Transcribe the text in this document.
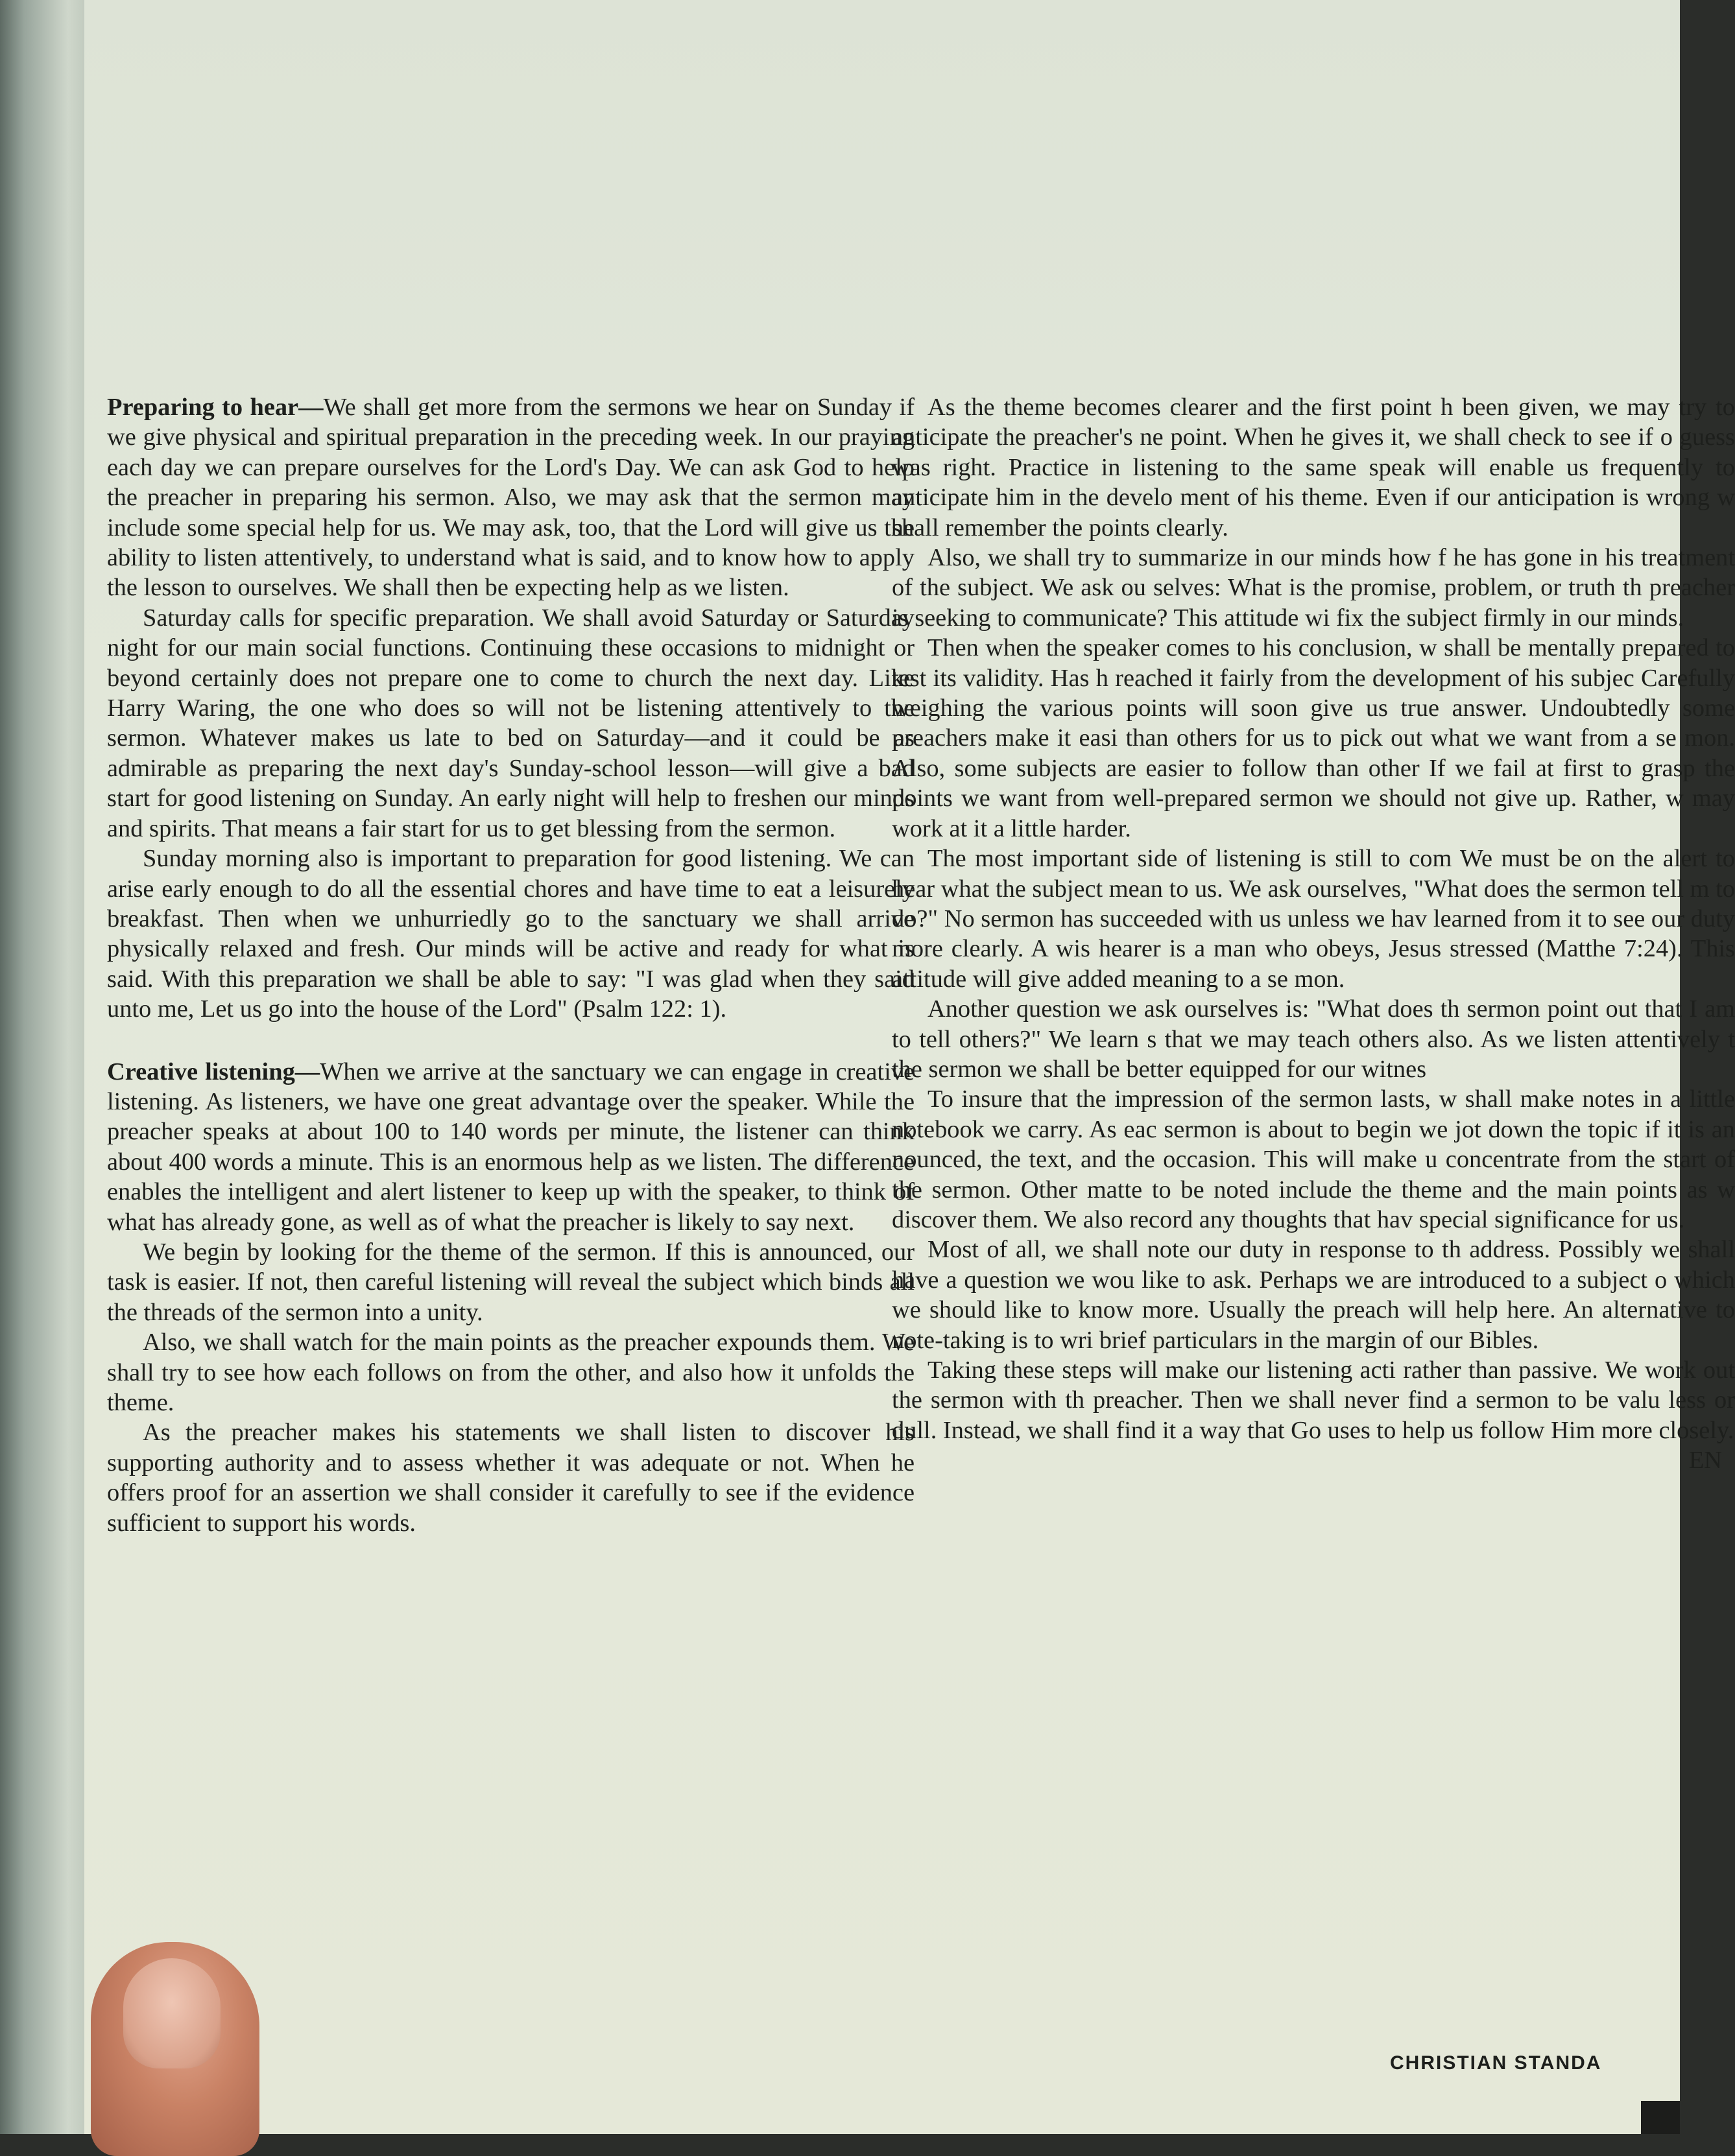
Preparing to hear—We shall get more from the sermons we hear on Sunday if we give physical and spiritual preparation in the preceding week. In our praying each day we can prepare ourselves for the Lord's Day. We can ask God to help the preacher in preparing his sermon. Also, we may ask that the sermon may include some special help for us. We may ask, too, that the Lord will give us the ability to listen attentively, to understand what is said, and to know how to apply the lesson to ourselves. We shall then be expecting help as we listen.

Saturday calls for specific preparation. We shall avoid Saturday or Saturday night for our main social functions. Continuing these occasions to midnight or beyond certainly does not prepare one to come to church the next day. Like Harry Waring, the one who does so will not be listening attentively to the sermon. Whatever makes us late to bed on Saturday—and it could be as admirable as preparing the next day's Sunday-school lesson—will give a bad start for good listening on Sunday. An early night will help to freshen our minds and spirits. That means a fair start for us to get blessing from the sermon.

Sunday morning also is important to preparation for good listening. We can arise early enough to do all the essential chores and have time to eat a leisurely breakfast. Then when we unhurriedly go to the sanctuary we shall arrive physically relaxed and fresh. Our minds will be active and ready for what is said. With this preparation we shall be able to say: "I was glad when they said unto me, Let us go into the house of the Lord" (Psalm 122: 1).

Creative listening—When we arrive at the sanctuary we can engage in creative listening. As listeners, we have one great advantage over the speaker. While the preacher speaks at about 100 to 140 words per minute, the listener can think about 400 words a minute. This is an enormous help as we listen. The difference enables the intelligent and alert listener to keep up with the speaker, to think of what has already gone, as well as of what the preacher is likely to say next.

We begin by looking for the theme of the sermon. If this is announced, our task is easier. If not, then careful listening will reveal the subject which binds all the threads of the sermon into a unity.

Also, we shall watch for the main points as the preacher expounds them. We shall try to see how each follows on from the other, and also how it unfolds the theme.

As the preacher makes his statements we shall listen to discover his supporting authority and to assess whether it was adequate or not. When he offers proof for an assertion we shall consider it carefully to see if the evidence sufficient to support his words.

As the theme becomes clearer and the first point h been given, we may try to anticipate the preacher's ne point. When he gives it, we shall check to see if o guess was right. Practice in listening to the same speak will enable us frequently to anticipate him in the develo ment of his theme. Even if our anticipation is wrong w shall remember the points clearly.

Also, we shall try to summarize in our minds how f he has gone in his treatment of the subject. We ask ou selves: What is the promise, problem, or truth th preacher is seeking to communicate? This attitude wi fix the subject firmly in our minds.

Then when the speaker comes to his conclusion, w shall be mentally prepared to test its validity. Has h reached it fairly from the development of his subjec Carefully weighing the various points will soon give us true answer. Undoubtedly some preachers make it easi than others for us to pick out what we want from a se mon. Also, some subjects are easier to follow than other If we fail at first to grasp the points we want from well-prepared sermon we should not give up. Rather, w may work at it a little harder.

The most important side of listening is still to com We must be on the alert to hear what the subject mean to us. We ask ourselves, "What does the sermon tell m to do?" No sermon has succeeded with us unless we hav learned from it to see our duty more clearly. A wis hearer is a man who obeys, Jesus stressed (Matthe 7:24). This attitude will give added meaning to a se mon.

Another question we ask ourselves is: "What does th sermon point out that I am to tell others?" We learn s that we may teach others also. As we listen attentively t the sermon we shall be better equipped for our witnes

To insure that the impression of the sermon lasts, w shall make notes in a little notebook we carry. As eac sermon is about to begin we jot down the topic if it is an nounced, the text, and the occasion. This will make u concentrate from the start of the sermon. Other matte to be noted include the theme and the main points as w discover them. We also record any thoughts that hav special significance for us.

Most of all, we shall note our duty in response to th address. Possibly we shall have a question we wou like to ask. Perhaps we are introduced to a subject o which we should like to know more. Usually the preach will help here. An alternative to note-taking is to wri brief particulars in the margin of our Bibles.

Taking these steps will make our listening acti rather than passive. We work out the sermon with th preacher. Then we shall never find a sermon to be valu less or dull. Instead, we shall find it a way that Go uses to help us follow Him more closely.
EN

CHRISTIAN STANDA
